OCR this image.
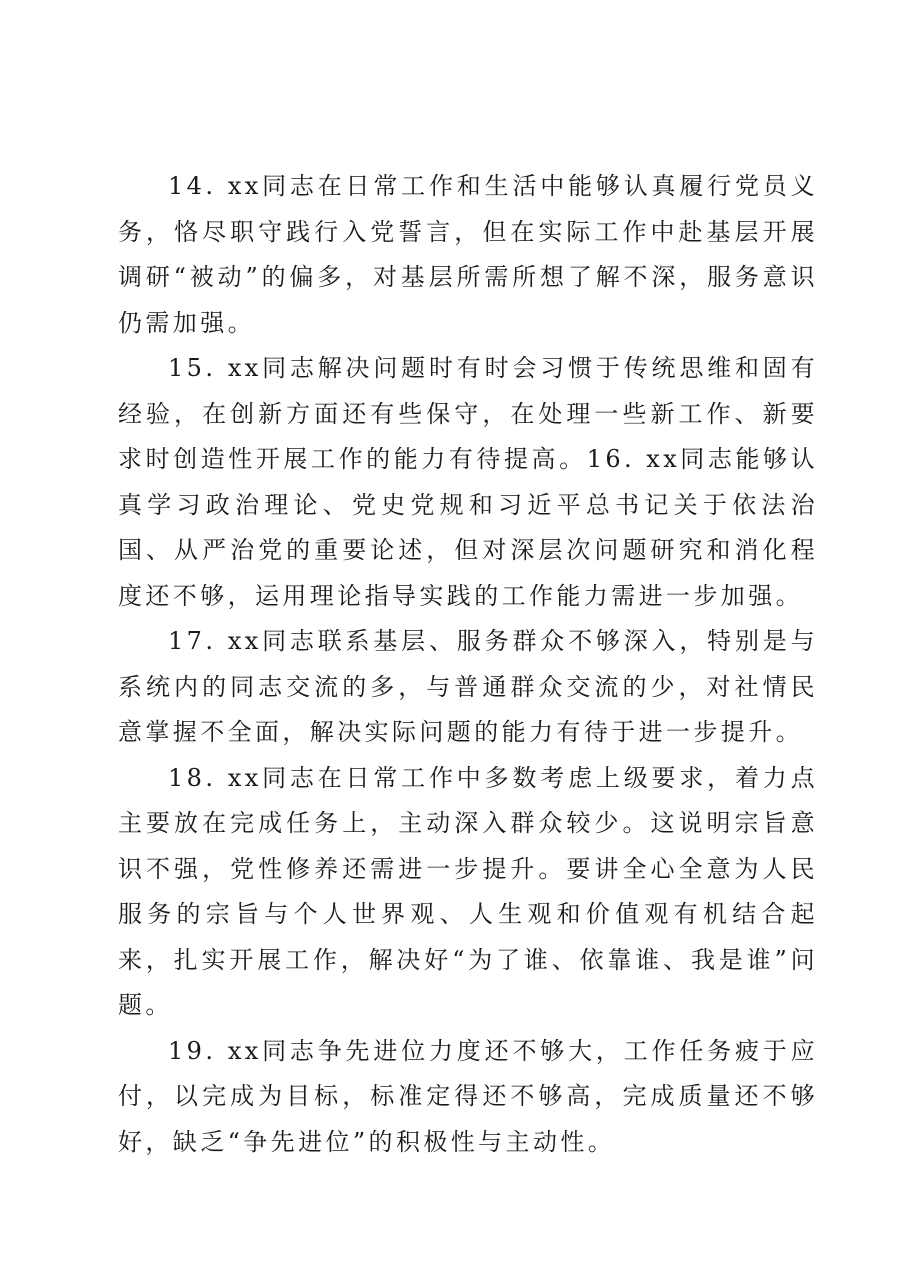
14. xx同志在日常工作和生活中能够认真履行党员义务，恪尽职守践行入党誓言，但在实际工作中赴基层开展调研“被动”的偏多，对基层所需所想了解不深，服务意识仍需加强。

15. xx同志解决问题时有时会习惯于传统思维和固有经验，在创新方面还有些保守，在处理一些新工作、新要求时创造性开展工作的能力有待提高。16. xx同志能够认真学习政治理论、党史党规和习近平总书记关于依法治国、从严治党的重要论述，但对深层次问题研究和消化程度还不够，运用理论指导实践的工作能力需进一步加强。

17. xx同志联系基层、服务群众不够深入，特别是与系统内的同志交流的多，与普通群众交流的少，对社情民意掌握不全面，解决实际问题的能力有待于进一步提升。

18. xx同志在日常工作中多数考虑上级要求，着力点主要放在完成任务上，主动深入群众较少。这说明宗旨意识不强，党性修养还需进一步提升。要讲全心全意为人民服务的宗旨与个人世界观、人生观和价值观有机结合起来，扎实开展工作，解决好“为了谁、依靠谁、我是谁”问题。

19. xx同志争先进位力度还不够大，工作任务疲于应付，以完成为目标，标准定得还不够高，完成质量还不够好，缺乏“争先进位”的积极性与主动性。
